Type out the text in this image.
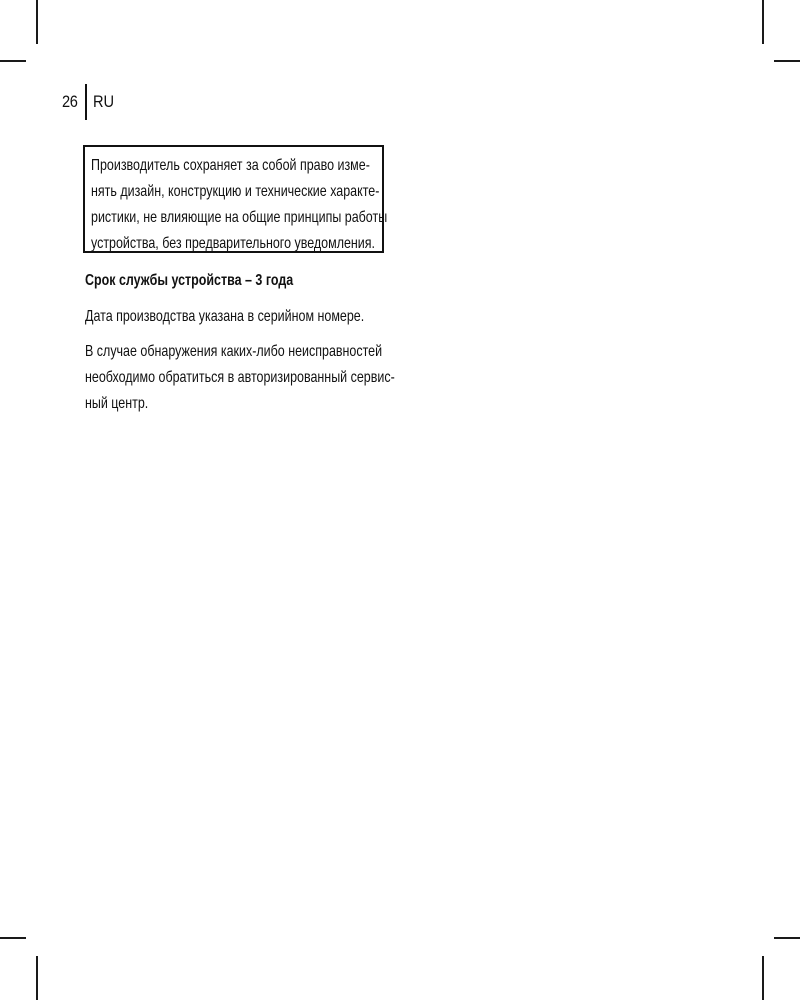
26 RU
Производитель сохраняет за собой право изме-
нять дизайн, конструкцию и технические характе-
ристики, не влияющие на общие принципы работы
устройства, без предварительного уведомления.
Срок службы устройства – 3 года
Дата производства указана в серийном номере.
В случае обнаружения каких-либо неисправностей
необходимо обратиться в авторизированный сервис-
ный центр.
